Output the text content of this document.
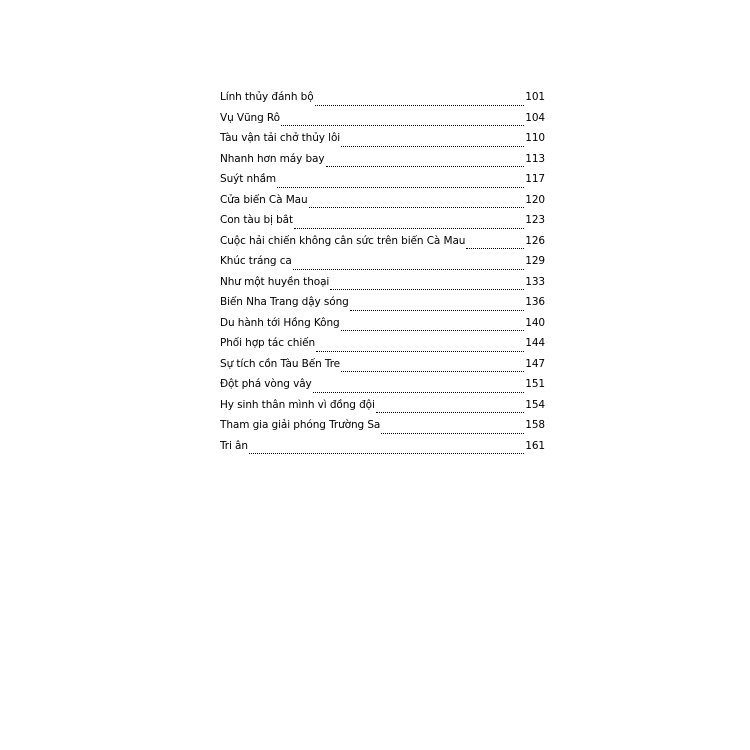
Lính thủy đánh bộ	101
Vụ Vũng Rô	104
Tàu vận tải chở thủy lôi	110
Nhanh hơn máy bay	113
Suýt nhầm	117
Cửa biển Cà Mau	120
Con tàu bị bắt	123
Cuộc hải chiến không cân sức trên biển Cà Mau	126
Khúc tráng ca	129
Như một huyền thoại	133
Biển Nha Trang dậy sóng	136
Du hành tới Hồng Kông	140
Phối hợp tác chiến	144
Sự tích cồn Tàu Bến Tre	147
Đột phá vòng vây	151
Hy sinh thân mình vì đồng đội	154
Tham gia giải phóng Trường Sa	158
Tri ân	161
